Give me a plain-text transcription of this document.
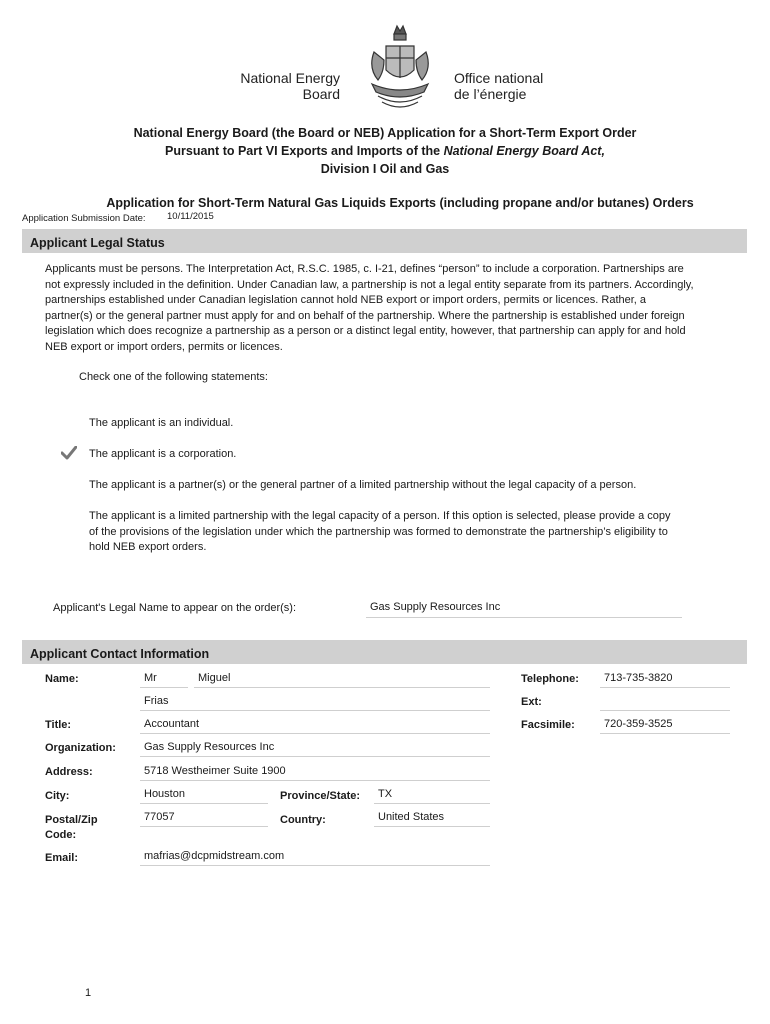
National Energy
Board
Office national
de l’énergie
National Energy Board (the Board or NEB) Application for a Short-Term Export Order
Pursuant to Part VI Exports and Imports of the National Energy Board Act,
Division I Oil and Gas
Application for Short-Term Natural Gas Liquids Exports (including propane and/or butanes) Orders
Application Submission Date: 10/11/2015
Applicant Legal Status
Applicants must be persons. The Interpretation Act, R.S.C. 1985, c. I-21, defines “person” to include a corporation. Partnerships are not expressly included in the definition. Under Canadian law, a partnership is not a legal entity separate from its partners. Accordingly, partnerships established under Canadian legislation cannot hold NEB export or import orders, permits or licences. Rather, a partner(s) or the general partner must apply for and on behalf of the partnership. Where the partnership is established under foreign legislation which does recognize a partnership as a person or a distinct legal entity, however, that partnership can apply for and hold NEB export or import orders, permits or licences.
Check one of the following statements:
The applicant is an individual.
The applicant is a corporation.
The applicant is a partner(s) or the general partner of a limited partnership without the legal capacity of a person.
The applicant is a limited partnership with the legal capacity of a person. If this option is selected, please provide a copy of the provisions of the legislation under which the partnership was formed to demonstrate the partnership’s eligibility to hold NEB export orders.
Applicant's Legal Name to appear on the order(s):	Gas Supply Resources Inc
Applicant Contact Information
Name:	Mr	Miguel
Frias
Title:	Accountant
Organization:	Gas Supply Resources Inc
Address:	5718 Westheimer Suite 1900
City:	Houston	Province/State: TX
Postal/Zip
Code:
77057	Country:	United States
Email:	mafrias@dcpmidstream.com
Telephone: 713-735-3820
Ext:
Facsimile:	720-359-3525
1
